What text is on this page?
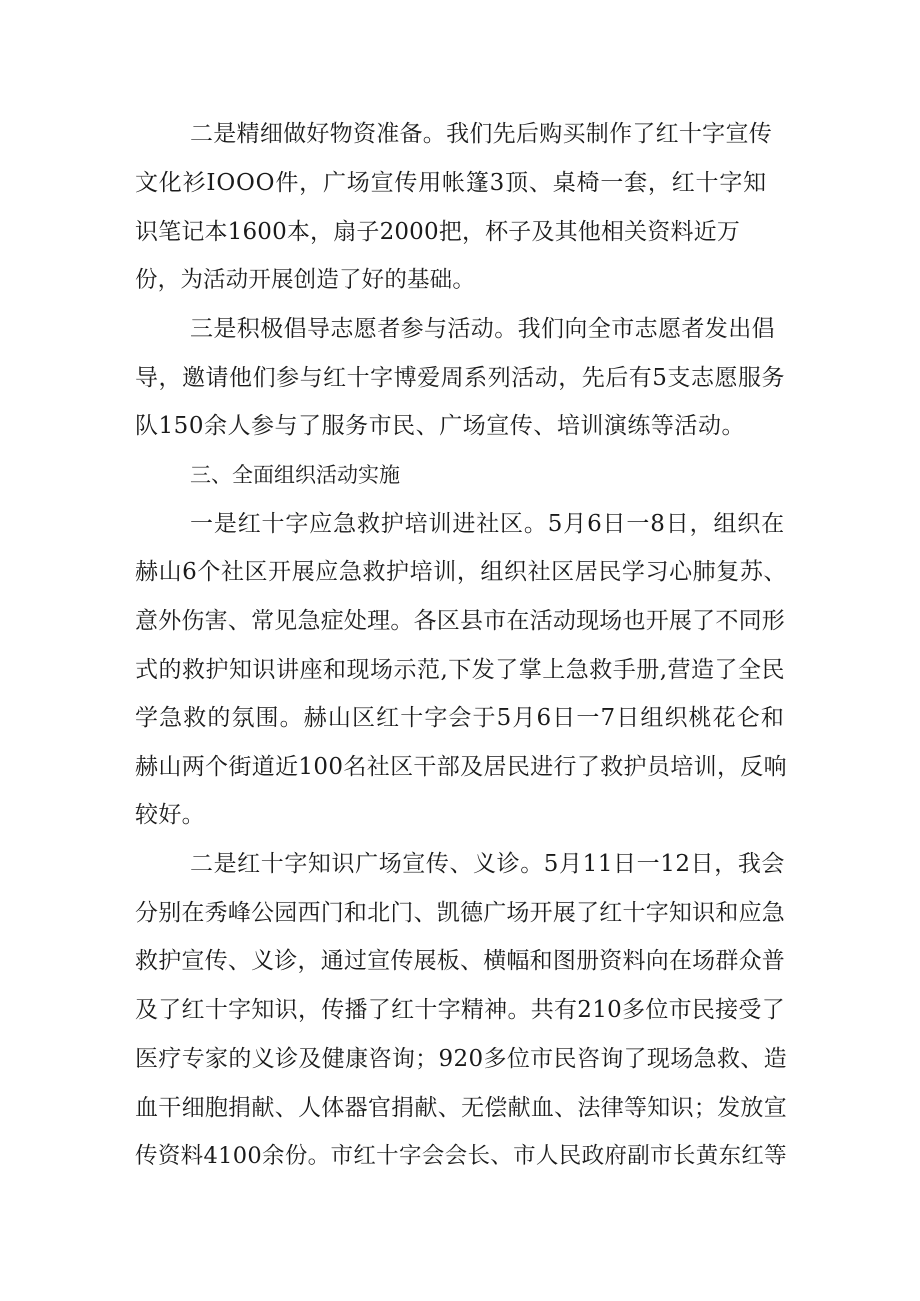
二是精细做好物资准备。我们先后购买制作了红十字宣传

文化衫IOOO件，广场宣传用帐篷3顶、桌椅一套，红十字知

识笔记本1600本，扇子2000把，杯子及其他相关资料近万

份，为活动开展创造了好的基础。

三是积极倡导志愿者参与活动。我们向全市志愿者发出倡

导，邀请他们参与红十字博爱周系列活动，先后有5支志愿服务

队150余人参与了服务市民、广场宣传、培训演练等活动。

三、全面组织活动实施

一是红十字应急救护培训进社区。5月6日一8日，组织在

赫山6个社区开展应急救护培训，组织社区居民学习心肺复苏、

意外伤害、常见急症处理。各区县市在活动现场也开展了不同形

式的救护知识讲座和现场示范,下发了掌上急救手册,营造了全民

学急救的氛围。赫山区红十字会于5月6日一7日组织桃花仑和

赫山两个街道近100名社区干部及居民进行了救护员培训，反响

较好。

二是红十字知识广场宣传、义诊。5月11日一12日，我会

分别在秀峰公园西门和北门、凯德广场开展了红十字知识和应急

救护宣传、义诊，通过宣传展板、横幅和图册资料向在场群众普

及了红十字知识，传播了红十字精神。共有210多位市民接受了

医疗专家的义诊及健康咨询；920多位市民咨询了现场急救、造

血干细胞捐献、人体器官捐献、无偿献血、法律等知识；发放宣

传资料4100余份。市红十字会会长、市人民政府副市长黄东红等
